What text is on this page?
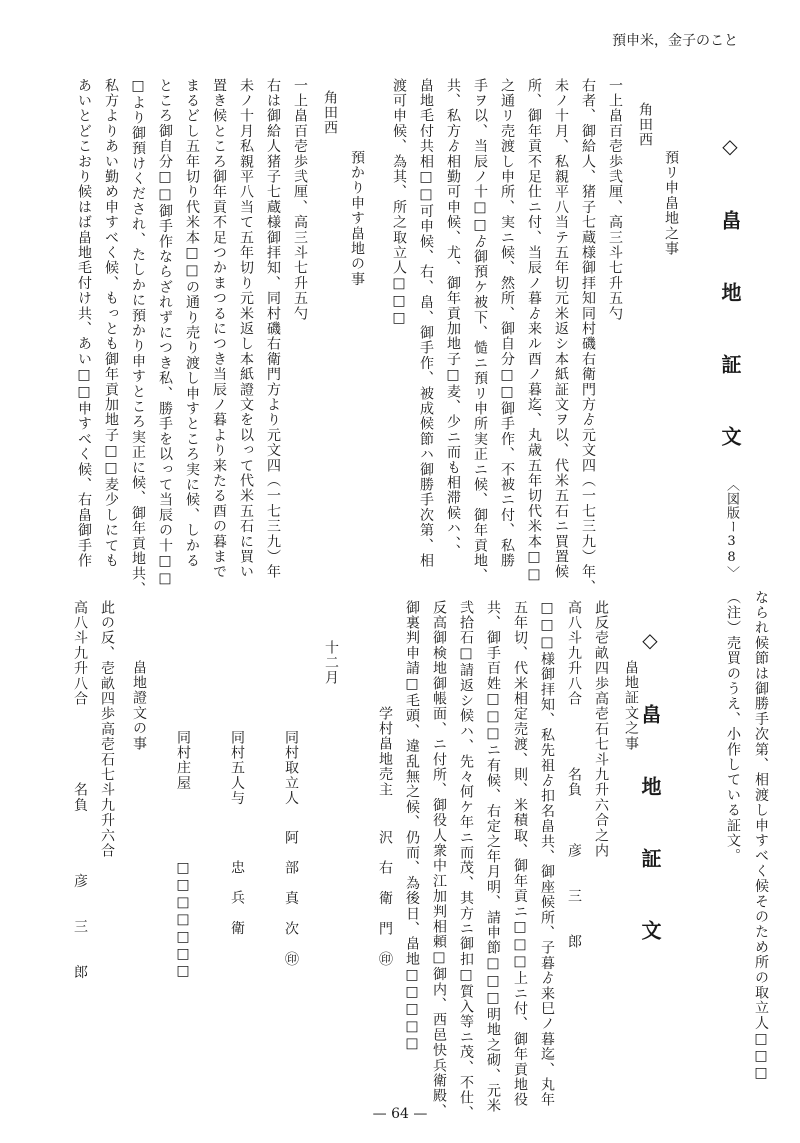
預申米，金子のこと
◇ 畠 地 証 文
〈図版ー38〉
預リ申畠地之事
角田西
一上畠百壱歩弐厘、高三斗七升五勺
右者、御給人、猪子七蔵様御拝知同村磯右衛門方ゟ元文四（一七三九）年、
未ノ十月、私親平八当テ五年切元米返シ本紙証文ヲ以、代米五石ニ買置候
所、御年貢不足仕ニ付、当辰ノ暮ゟ来ル酉ノ暮迄、丸歳五年切代米本□□
之通リ売渡し申所、実ニ候、然所、御自分□□御手作、不被ニ付、私勝
手ヲ以、当辰ノ十□□ゟ御預ケ被下、慥ニ預リ申所実正ニ候、御年貢地、
共、私方ゟ相勤可申候、尤、御年貢加地子□麦、少ニ而も相滞候ハ、、
畠地毛付共相□□可申候、右、畠、御手作、被成候節ハ御勝手次第、相
渡可申候、為其、所之取立人□□□
預かり申す畠地の事
角田西
一上畠百壱歩弐厘、高三斗七升五勺
右は御給人猪子七蔵様御拝知、同村磯右衛門方より元文四（一七三九）年
未ノ十月私親平八当て五年切り元米返し本紙證文を以って代米五石に買い
置き候ところ御年貢不足つかまつるにつき当辰ノ暮より来たる酉の暮まで
まるどし五年切り代米本□□の通り売り渡し申すところ実に候、しかる
ところ御自分□□御手作ならざれずにつき私、勝手を以って当辰の十□□
□より御預けくだされ、たしかに預かり申すところ実正に候、御年貢地共、
私方よりあい勤め申すべく候、もっとも御年貢加地子□□麦少しにても
あいとどこおり候はば畠地毛付け共、あい□□申すべく候、右畠御手作
なられ候節は御勝手次第、相渡し申すべく候そのため所の取立人□□□
（注）売買のうえ、小作している証文。
◇ 畠 地 証 文
畠地証文之事
此反壱畝四歩高壱石七斗九升六合之内
高八斗九升八合　　　　名負　　　彦　　三　　郎
□□□様御拝知、私先祖ゟ扣名畠共、御座候所、子暮ゟ来巳ノ暮迄、丸年
五年切、代米相定売渡、則、米積取、御年貢ニ□□□上ニ付、御年貢地役
共、御手百姓□□□ニ有候、右定之年月明、請申節□□□明地之砌、元米
弐拾石□請返シ候ハ、先々何ケ年ニ而茂、其方ニ御扣□質入等ニ茂、不仕、
反高御検地御帳面、ニ付所、御役人衆中江加判相頼□御内、西邑快兵衛殿、
御裏判申請□毛頭、違乱無之候、仍而、為後日、畠地□□□□□
学村畠地売主
沢　右　衛　門　㊞
十二月
同村取立人
阿　部　真　次　㊞
同村五人与
忠　兵　衛
同村庄屋
□□□□□□□
畠地證文の事
此の反、壱畝四歩高壱石七斗九升六合
高八斗九升八合　　　　　名負　　　　彦　　三　　郎
— 64 —
